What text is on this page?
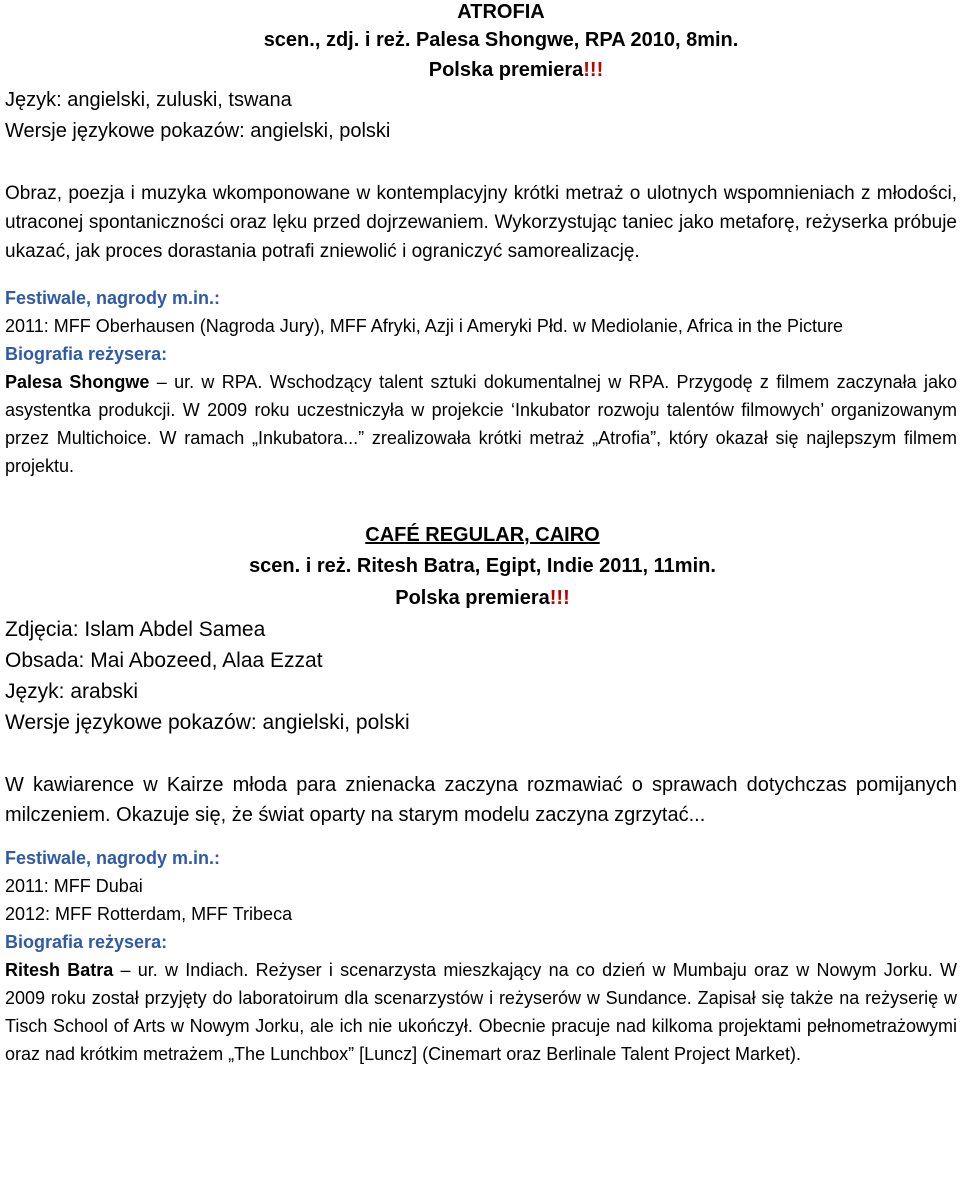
ATROFIA
scen., zdj. i reż. Palesa Shongwe, RPA 2010, 8min.
Polska premiera!!!
Język: angielski, zuluski, tswana
Wersje językowe pokazów: angielski, polski
Obraz, poezja i muzyka wkomponowane w kontemplacyjny krótki metraż o ulotnych wspomnieniach z młodości, utraconej spontaniczności oraz lęku przed dojrzewaniem. Wykorzystując taniec jako metaforę, reżyserka próbuje ukazać, jak proces dorastania potrafi zniewolić i ograniczyć samorealizację.
Festiwale, nagrody m.in.:
2011: MFF Oberhausen (Nagroda Jury), MFF Afryki, Azji i Ameryki Płd. w Mediolanie, Africa in the Picture
Biografia reżysera:
Palesa Shongwe – ur. w RPA. Wschodzący talent sztuki dokumentalnej w RPA. Przygodę z filmem zaczynała jako asystentka produkcji. W 2009 roku uczestniczyła w projekcie ‘Inkubator rozwoju talentów filmowych’ organizowanym przez Multichoice. W ramach „Inkubatora...” zrealizowała krótki metraż „Atrofia”, który okazał się najlepszym filmem projektu.
CAFÉ REGULAR, CAIRO
scen. i reż. Ritesh Batra, Egipt, Indie 2011, 11min.
Polska premiera!!!
Zdjęcia: Islam Abdel Samea
Obsada: Mai Abozeed, Alaa Ezzat
Język: arabski
Wersje językowe pokazów: angielski, polski
W kawiarence w Kairze młoda para znienacka zaczyna rozmawiać o sprawach dotychczas pomijanych milczeniem. Okazuje się, że świat oparty na starym modelu zaczyna zgrzytać...
Festiwale, nagrody m.in.:
2011: MFF Dubai
2012: MFF Rotterdam, MFF Tribeca
Biografia reżysera:
Ritesh Batra – ur. w Indiach. Reżyser i scenarzysta mieszkający na co dzień w Mumbaju oraz w Nowym Jorku. W 2009 roku został przyjęty do laboratoirum dla scenarzystów i reżyserów w Sundance. Zapisał się także na reżyserię w Tisch School of Arts w Nowym Jorku, ale ich nie ukończył. Obecnie pracuje nad kilkoma projektami pełnometrażowymi oraz nad krótkim metrażem „The Lunchbox” [Luncz] (Cinemart oraz Berlinale Talent Project Market).
